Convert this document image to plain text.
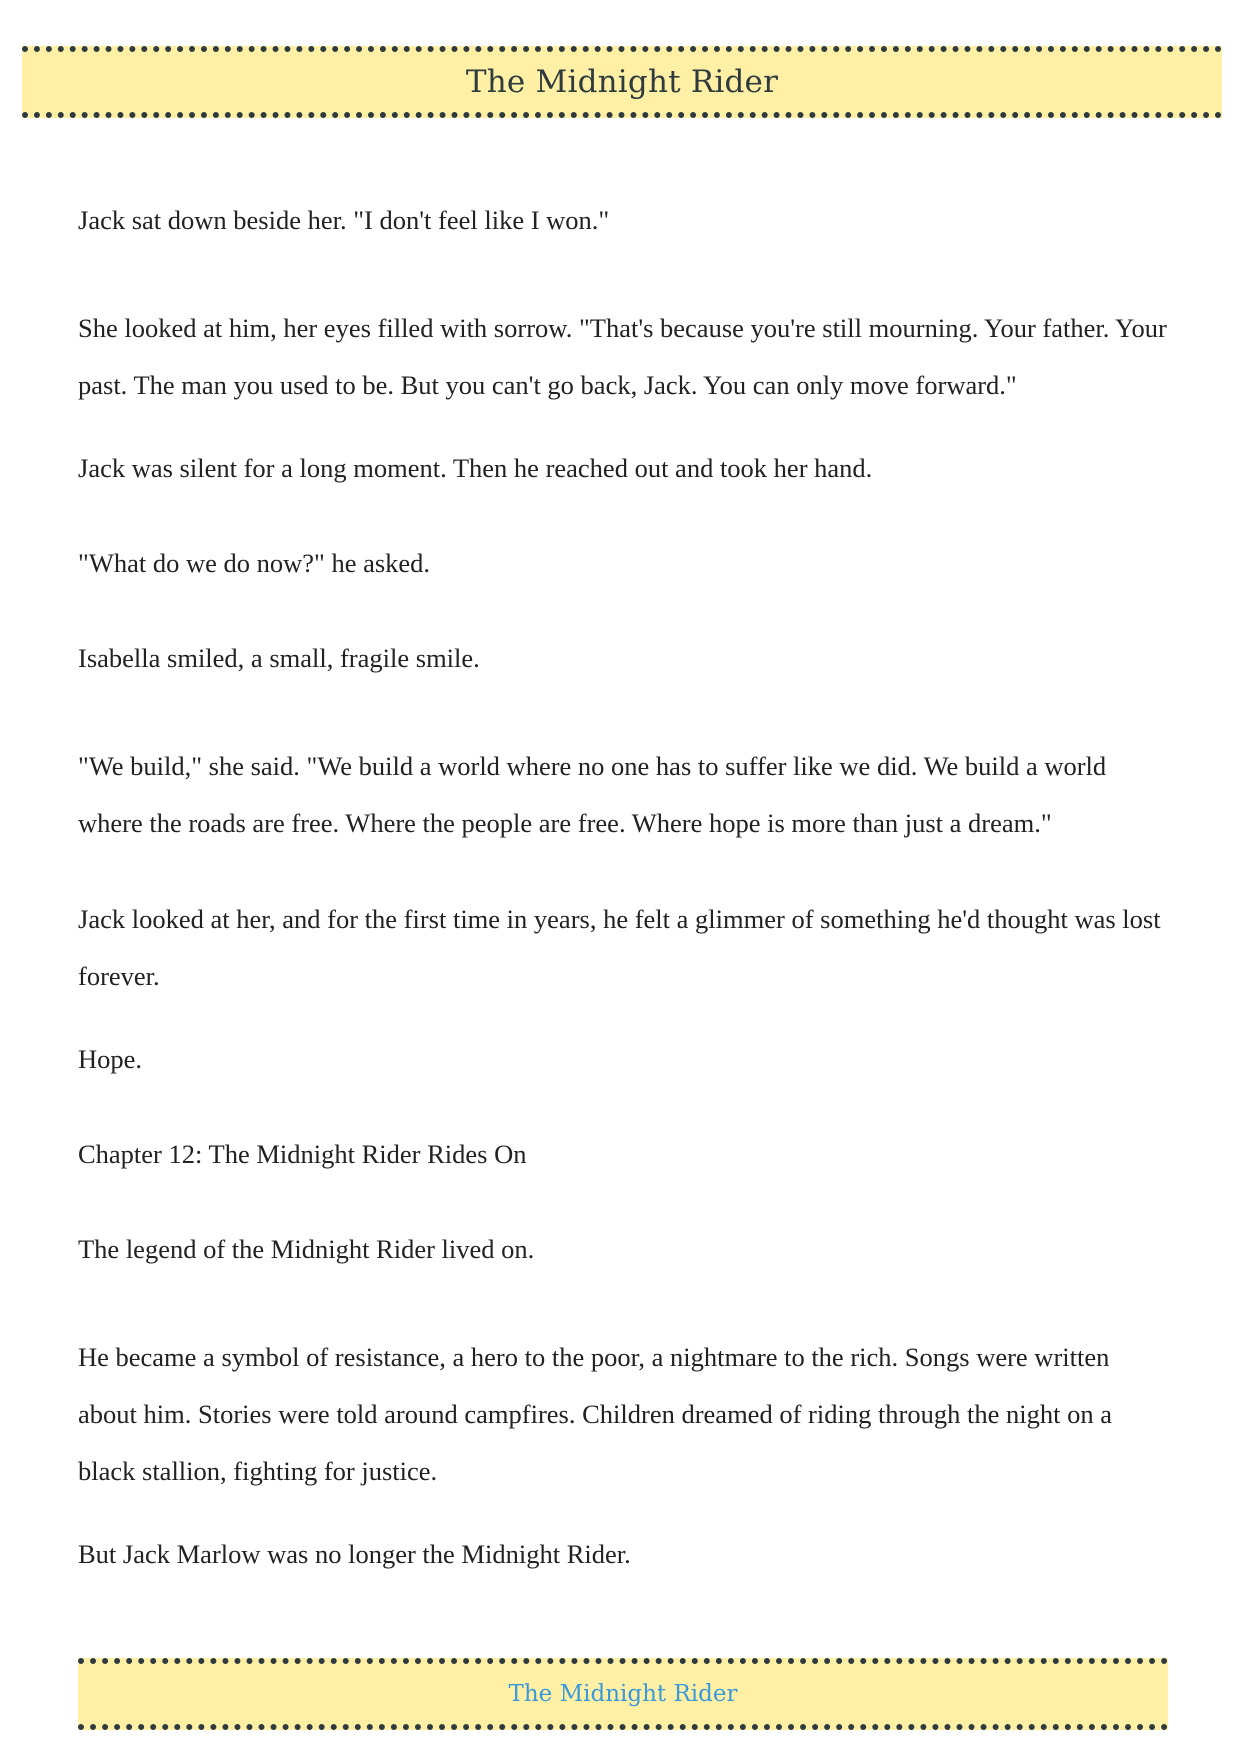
The Midnight Rider

Jack sat down beside her. "I don't feel like I won."

She looked at him, her eyes filled with sorrow. "That's because you're still mourning. Your father. Your past. The man you used to be. But you can't go back, Jack. You can only move forward."

Jack was silent for a long moment. Then he reached out and took her hand.

"What do we do now?" he asked.

Isabella smiled, a small, fragile smile.

"We build," she said. "We build a world where no one has to suffer like we did. We build a world where the roads are free. Where the people are free. Where hope is more than just a dream."

Jack looked at her, and for the first time in years, he felt a glimmer of something he'd thought was lost forever.

Hope.

Chapter 12: The Midnight Rider Rides On

The legend of the Midnight Rider lived on.

He became a symbol of resistance, a hero to the poor, a nightmare to the rich. Songs were written about him. Stories were told around campfires. Children dreamed of riding through the night on a black stallion, fighting for justice.

But Jack Marlow was no longer the Midnight Rider.

The Midnight Rider
